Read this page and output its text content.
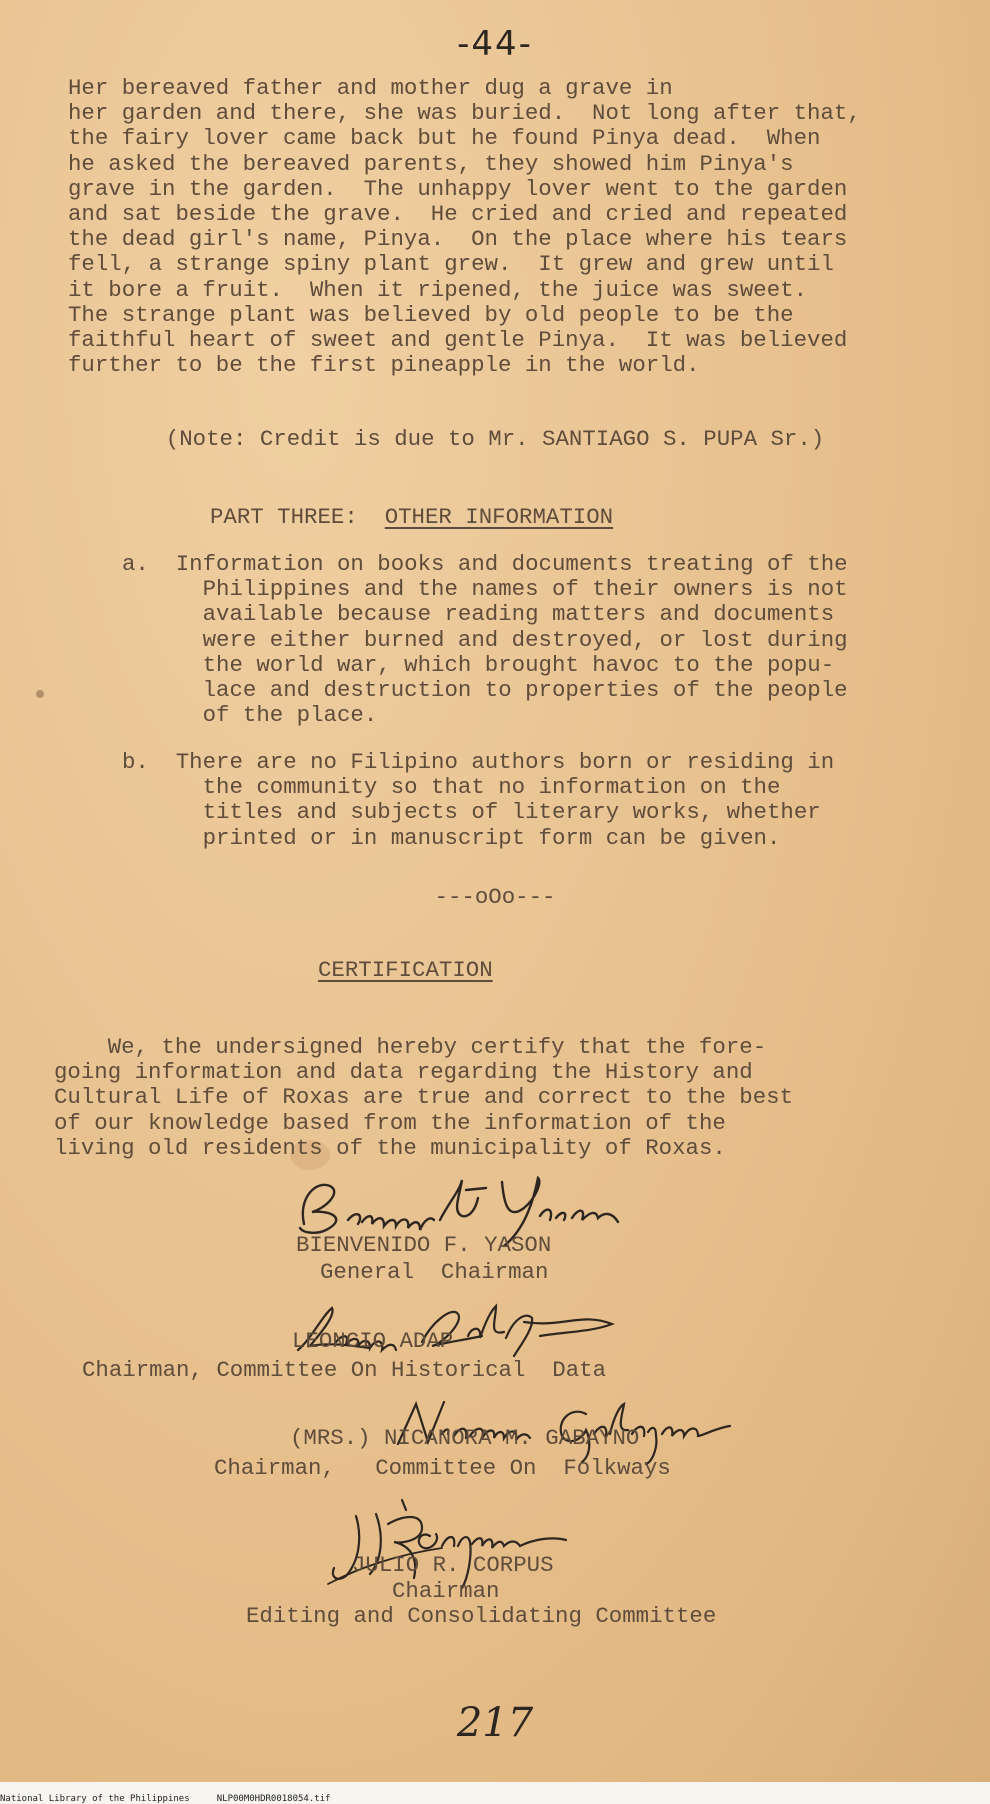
-44-
Her bereaved father and mother dug a grave in
her garden and there, she was buried.  Not long after that,
the fairy lover came back but he found Pinya dead.  When
he asked the bereaved parents, they showed him Pinya's
grave in the garden.  The unhappy lover went to the garden
and sat beside the grave.  He cried and cried and repeated
the dead girl's name, Pinya.  On the place where his tears
fell, a strange spiny plant grew.  It grew and grew until
it bore a fruit.  When it ripened, the juice was sweet.
The strange plant was believed by old people to be the
faithful heart of sweet and gentle Pinya.  It was believed
further to be the first pineapple in the world.
(Note: Credit is due to Mr. SANTIAGO S. PUPA Sr.)
PART THREE:  OTHER INFORMATION
a.  Information on books and documents treating of the
Philippines and the names of their owners is not
available because reading matters and documents
were either burned and destroyed, or lost during
the world war, which brought havoc to the popu-
lace and destruction to properties of the people
of the place.
b.  There are no Filipino authors born or residing in
the community so that no information on the
titles and subjects of literary works, whether
printed or in manuscript form can be given.
---oOo---
CERTIFICATION
We, the undersigned hereby certify that the fore-
going information and data regarding the History and
Cultural Life of Roxas are true and correct to the best
of our knowledge based from the information of the
living old residents of the municipality of Roxas.
BIENVENIDO F. YASON
General  Chairman
LEONCIO ADAP
Chairman, Committee On Historical  Data
(MRS.) NICANORA M. GABAYNO
Chairman,   Committee On  Folkways
JULIO R. CORPUS
Chairman
Editing and Consolidating Committee
217
National Library of the Philippines     NLP00M0HDR0018054.tif
